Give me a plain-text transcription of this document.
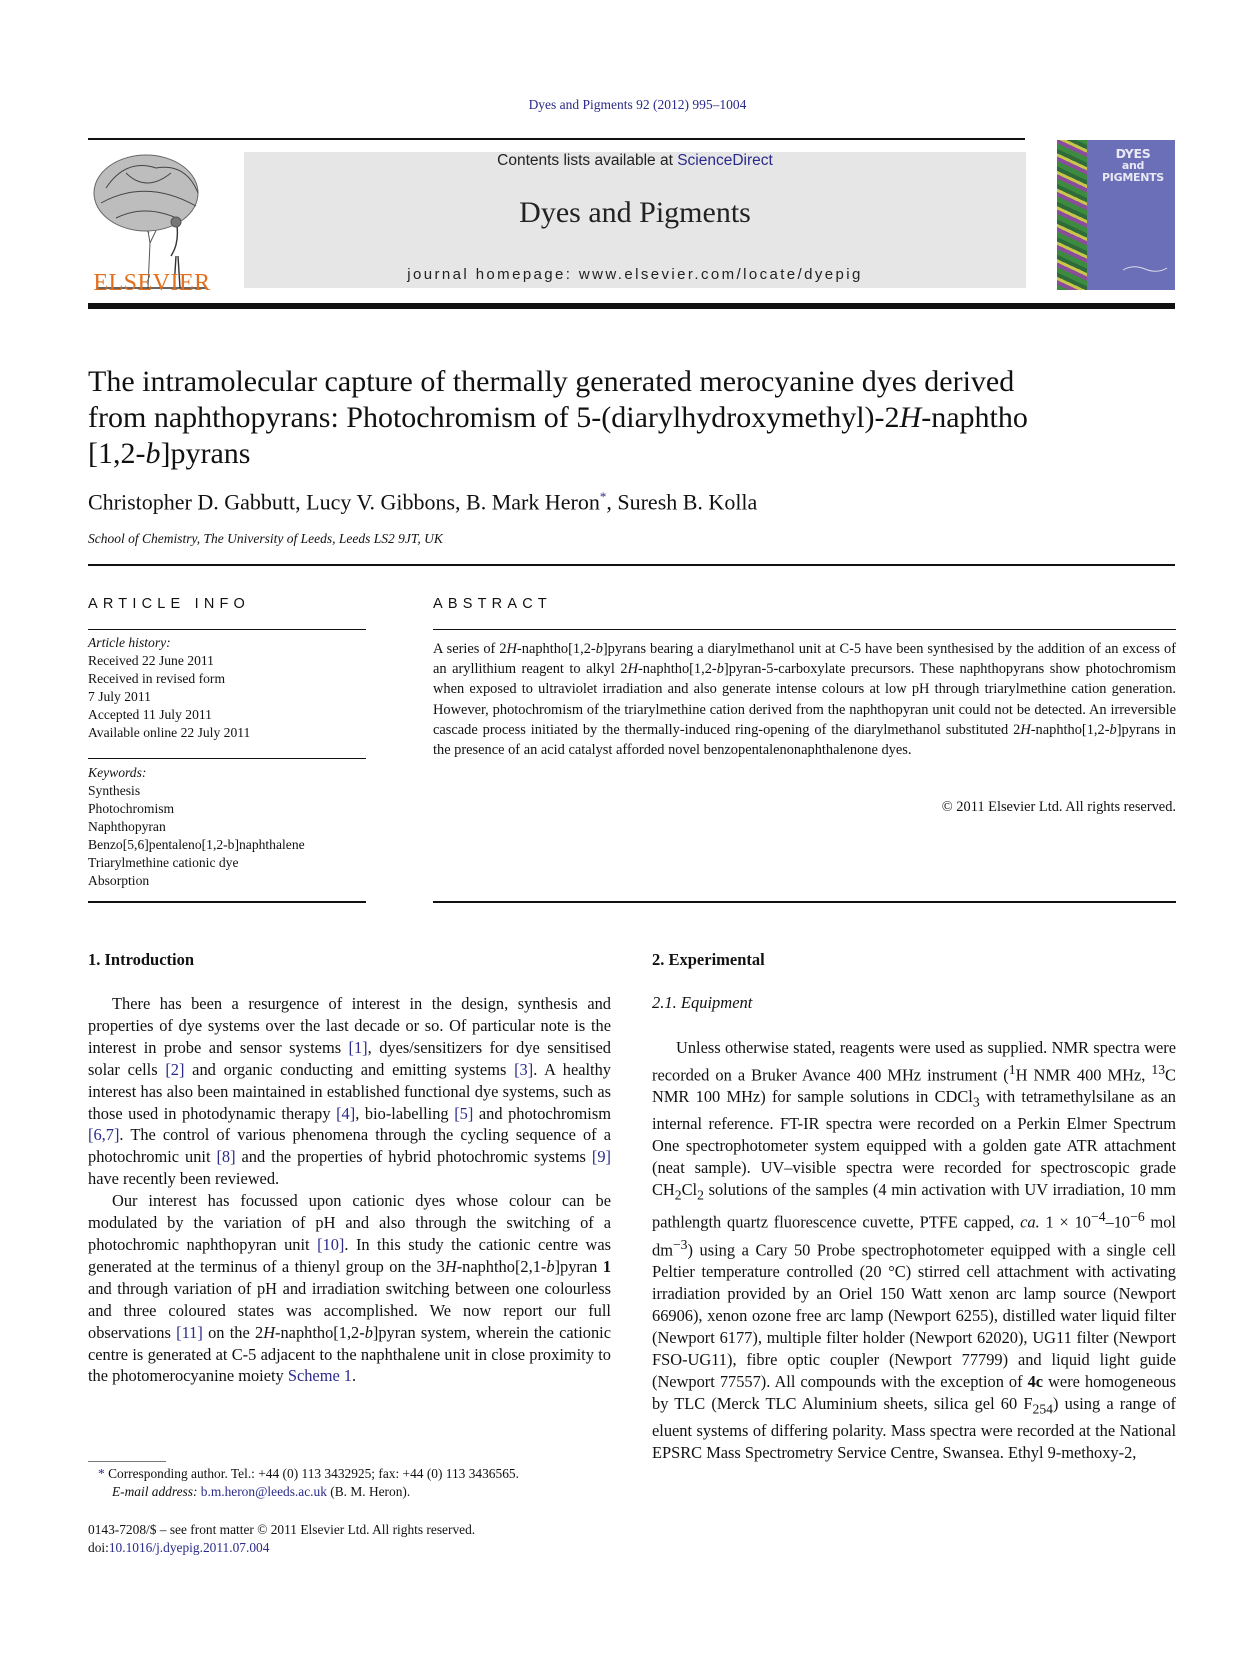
Dyes and Pigments 92 (2012) 995–1004
ELSEVIER
Contents lists available at ScienceDirect
Dyes and Pigments
journal homepage: www.elsevier.com/locate/dyepig
DYES
and
PIGMENTS
The intramolecular capture of thermally generated merocyanine dyes derived
from naphthopyrans: Photochromism of 5-(diarylhydroxymethyl)-2H-naphtho
[1,2-b]pyrans
Christopher D. Gabbutt, Lucy V. Gibbons, B. Mark Heron*, Suresh B. Kolla
School of Chemistry, The University of Leeds, Leeds LS2 9JT, UK
ARTICLE INFO
Article history:
Received 22 June 2011
Received in revised form
7 July 2011
Accepted 11 July 2011
Available online 22 July 2011
Keywords:
Synthesis
Photochromism
Naphthopyran
Benzo[5,6]pentaleno[1,2-b]naphthalene
Triarylmethine cationic dye
Absorption
ABSTRACT
A series of 2H-naphtho[1,2-b]pyrans bearing a diarylmethanol unit at C-5 have been synthesised by the addition of an excess of an aryllithium reagent to alkyl 2H-naphtho[1,2-b]pyran-5-carboxylate precursors. These naphthopyrans show photochromism when exposed to ultraviolet irradiation and also generate intense colours at low pH through triarylmethine cation generation. However, photochromism of the triarylmethine cation derived from the naphthopyran unit could not be detected. An irreversible cascade process initiated by the thermally-induced ring-opening of the diarylmethanol substituted 2H-naphtho[1,2-b]pyrans in the presence of an acid catalyst afforded novel benzopentalenonaphthalenone dyes.
© 2011 Elsevier Ltd. All rights reserved.
1. Introduction

There has been a resurgence of interest in the design, synthesis and properties of dye systems over the last decade or so. Of particular note is the interest in probe and sensor systems [1], dyes/sensitizers for dye sensitised solar cells [2] and organic conducting and emitting systems [3]. A healthy interest has also been maintained in established functional dye systems, such as those used in photodynamic therapy [4], bio-labelling [5] and photochromism [6,7]. The control of various phenomena through the cycling sequence of a photochromic unit [8] and the properties of hybrid photochromic systems [9] have recently been reviewed.

Our interest has focussed upon cationic dyes whose colour can be modulated by the variation of pH and also through the switching of a photochromic naphthopyran unit [10]. In this study the cationic centre was generated at the terminus of a thienyl group on the 3H-naphtho[2,1-b]pyran 1 and through variation of pH and irradiation switching between one colourless and three coloured states was accomplished. We now report our full observations [11] on the 2H-naphtho[1,2-b]pyran system, wherein the cationic centre is generated at C-5 adjacent to the naphthalene unit in close proximity to the photomerocyanine moiety Scheme 1.

* Corresponding author. Tel.: +44 (0) 113 3432925; fax: +44 (0) 113 3436565.
E-mail address: b.m.heron@leeds.ac.uk (B. M. Heron).
0143-7208/$ – see front matter © 2011 Elsevier Ltd. All rights reserved.
doi:10.1016/j.dyepig.2011.07.004
2. Experimental
2.1. Equipment

Unless otherwise stated, reagents were used as supplied. NMR spectra were recorded on a Bruker Avance 400 MHz instrument ($^1$H NMR 400 MHz, $^{13}$C NMR 100 MHz) for sample solutions in CDCl$_3$ with tetramethylsilane as an internal reference. FT-IR spectra were recorded on a Perkin Elmer Spectrum One spectrophotometer system equipped with a golden gate ATR attachment (neat sample). UV–visible spectra were recorded for spectroscopic grade $CH_2Cl_2$ solutions of the samples (4 min activation with UV irradiation, 10 mm pathlength quartz fluorescence cuvette, PTFE capped, ca. $1 \times 10^{-4}-10^{-6}$ mol $dm^{-3}$) using a Cary 50 Probe spectrophotometer equipped with a single cell Peltier temperature controlled (20 °C) stirred cell attachment with activating irradiation provided by an Oriel 150 Watt xenon arc lamp source (Newport 66906), xenon ozone free arc lamp (Newport 6255), distilled water liquid filter (Newport 6177), multiple filter holder (Newport 62020), UG11 filter (Newport FSO-UG11), fibre optic coupler (Newport 77799) and liquid light guide (Newport 77557). All compounds with the exception of 4c were homogeneous by TLC (Merck TLC Aluminium sheets, silica gel 60 $F_{254}$) using a range of eluent systems of differing polarity. Mass spectra were recorded at the National EPSRC Mass Spectrometry Service Centre, Swansea. Ethyl 9-methoxy-2,
